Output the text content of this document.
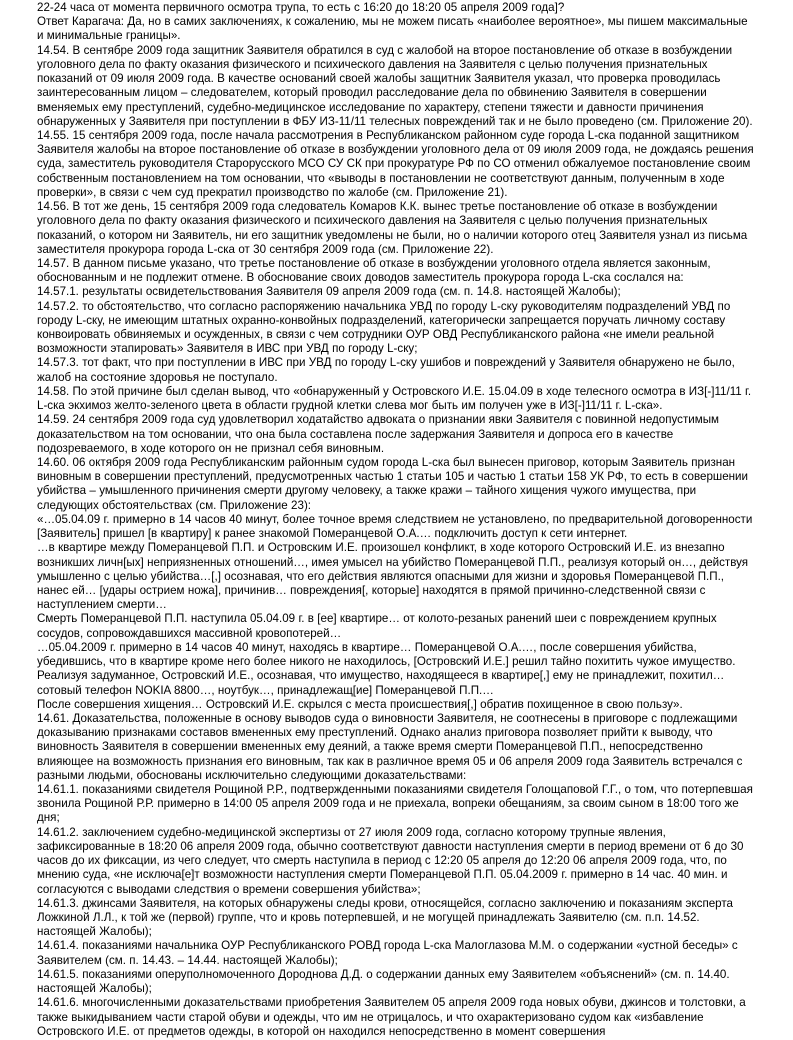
22-24 часа от момента первичного осмотра трупа, то есть с 16:20 до 18:20 05 апреля 2009 года]?

Ответ Карагача: Да, но в самих заключениях, к сожалению, мы не можем писать «наиболее вероятное», мы пишем максимальные и минимальные границы».

14.54. В сентябре 2009 года защитник Заявителя обратился в суд с жалобой на второе постановление об отказе в возбуждении уголовного дела по факту оказания физического и психического давления на Заявителя с целью получения признательных показаний от 09 июля 2009 года. В качестве оснований своей жалобы защитник Заявителя указал, что проверка проводилась заинтересованным лицом – следователем, который проводил расследование дела по обвинению Заявителя в совершении вменяемых ему преступлений, судебно-медицинское исследование по характеру, степени тяжести и давности причинения обнаруженных у Заявителя при поступлении в ФБУ ИЗ-11/11 телесных повреждений так и не было проведено (см. Приложение 20).

14.55. 15 сентября 2009 года, после начала рассмотрения в Республиканском районном суде города L-ска поданной защитником Заявителя жалобы на второе постановление об отказе в возбуждении уголовного дела от 09 июля 2009 года, не дождаясь решения суда, заместитель руководителя Старорусского МСО СУ СК при прокуратуре РФ по СО отменил обжалуемое постановление своим собственным постановлением на том основании, что «выводы в постановлении не соответствуют данным, полученным в ходе проверки», в связи с чем суд прекратил производство по жалобе (см. Приложение 21).

14.56. В тот же день, 15 сентября 2009 года следователь Комаров К.К. вынес третье постановление об отказе в возбуждении уголовного дела по факту оказания физического и психического давления на Заявителя с целью получения признательных показаний, о котором ни Заявитель, ни его защитник уведомлены не были, но о наличии которого отец Заявителя узнал из письма заместителя прокурора города L-ска от 30 сентября 2009 года (см. Приложение 22).

14.57. В данном письме указано, что третье постановление об отказе в возбуждении уголовного отдела является законным, обоснованным и не подлежит отмене. В обоснование своих доводов заместитель прокурора города L-ска сослался на:

14.57.1. результаты освидетельствования Заявителя 09 апреля 2009 года (см. п. 14.8. настоящей Жалобы);

14.57.2. то обстоятельство, что согласно распоряжению начальника УВД по городу L-ску руководителям подразделений УВД по городу L-ску, не имеющим штатных охранно-конвойных подразделений, категорически запрещается поручать личному составу конвоировать обвиняемых и осужденных, в связи с чем сотрудники ОУР ОВД Республиканского района «не имели реальной возможности этапировать» Заявителя в ИВС при УВД по городу L-ску;

14.57.3. тот факт, что при поступлении в ИВС при УВД по городу L-ску ушибов и повреждений у Заявителя обнаружено не было, жалоб на состояние здоровья не поступало.

14.58. По этой причине был сделан вывод, что «обнаруженный у Островского И.Е. 15.04.09 в ходе телесного осмотра в ИЗ[-]11/11 г. L-ска экхимоз желто-зеленого цвета в области грудной клетки слева мог быть им получен уже в ИЗ[-]11/11 г. L-ска».

14.59. 24 сентября 2009 года суд удовлетворил ходатайство адвоката о признании явки Заявителя с повинной недопустимым доказательством на том основании, что она была составлена после задержания Заявителя и допроса его в качестве подозреваемого, в ходе которого он не признал себя виновным.

14.60. 06 октября 2009 года Республиканским районным судом города L-ска был вынесен приговор, которым Заявитель признан виновным в совершении преступлений, предусмотренных частью 1 статьи 105 и частью 1 статьи 158 УК РФ, то есть в совершении убийства – умышленного причинения смерти другому человеку, а также кражи – тайного хищения чужого имущества, при следующих обстоятельствах (см. Приложение 23):

«…05.04.09 г. примерно в 14 часов 40 минут, более точное время следствием не установлено, по предварительной договоренности [Заявитель] пришел [в квартиру] к ранее знакомой Померанцевой О.А.… подключить доступ к сети интернет.

…в квартире между Померанцевой П.П. и Островским И.Е. произошел конфликт, в ходе которого Островский И.Е. из внезапно возникших личн[ых] неприязненных отношений…, имея умысел на убийство Померанцевой П.П., реализуя который он…, действуя умышленно с целью убийства…[,] осознавая, что его действия являются опасными для жизни и здоровья Померанцевой П.П., нанес ей… [удары острием ножа], причинив… повреждения[, которые] находятся в прямой причинно-следственной связи с наступлением смерти…

Смерть Померанцевой П.П. наступила 05.04.09 г. в [ее] квартире… от колото-резаных ранений шеи с повреждением крупных сосудов, сопровождавшихся массивной кровопотерей…

…05.04.2009 г. примерно в 14 часов 40 минут, находясь в квартире… Померанцевой О.А.…, после совершения убийства, убедившись, что в квартире кроме него более никого не находилось, [Островский И.Е.] решил тайно похитить чужое имущество. Реализуя задуманное, Островский И.Е., осознавая, что имущество, находящееся в квартире[,] ему не принадлежит, похитил… сотовый телефон NOKIA 8800…, ноутбук…, принадлежащ[ие] Померанцевой П.П.…

После совершения хищения… Островский И.Е. скрылся с места происшествия[,] обратив похищенное в свою пользу».

14.61. Доказательства, положенные в основу выводов суда о виновности Заявителя, не соотнесены в приговоре с подлежащими доказыванию признаками составов вмененных ему преступлений. Однако анализ приговора позволяет прийти к выводу, что виновность Заявителя в совершении вмененных ему деяний, а также время смерти Померанцевой П.П., непосредственно влияющее на возможность признания его виновным, так как в различное время 05 и 06 апреля 2009 года Заявитель встречался с разными людьми, обоснованы исключительно следующими доказательствами:

14.61.1. показаниями свидетеля Рощиной Р.Р., подтвержденными показаниями свидетеля Голощаповой Г.Г., о том, что потерпевшая звонила Рощиной Р.Р. примерно в 14:00 05 апреля 2009 года и не приехала, вопреки обещаниям, за своим сыном в 18:00 того же дня;

14.61.2. заключением судебно-медицинской экспертизы от 27 июля 2009 года, согласно которому трупные явления, зафиксированные в 18:20 06 апреля 2009 года, обычно соответствуют давности наступления смерти в период времени от 6 до 30 часов до их фиксации, из чего следует, что смерть наступила в период с 12:20 05 апреля до 12:20 06 апреля 2009 года, что, по мнению суда, «не исключа[е]т возможности наступления смерти Померанцевой П.П. 05.04.2009 г. примерно в 14 час. 40 мин. и согласуются с выводами следствия о времени совершения убийства»;

14.61.3. джинсами Заявителя, на которых обнаружены следы крови, относящейся, согласно заключению и показаниям эксперта Ложкиной Л.Л., к той же (первой) группе, что и кровь потерпевшей, и не могущей принадлежать Заявителю (см. п.п. 14.52. настоящей Жалобы);

14.61.4. показаниями начальника ОУР Республиканского РОВД города L-ска Малоглазова М.М. о содержании «устной беседы» с Заявителем (см. п. 14.43. – 14.44. настоящей Жалобы);

14.61.5. показаниями оперуполномоченного Дороднова Д.Д. о содержании данных ему Заявителем «объяснений» (см. п. 14.40. настоящей Жалобы);

14.61.6. многочисленными доказательствами приобретения Заявителем 05 апреля 2009 года новых обуви, джинсов и толстовки, а также выкидыванием части старой обуви и одежды, что им не отрицалось, и что охарактеризовано судом как «избавление Островского И.Е. от предметов одежды, в которой он находился непосредственно в момент совершения
